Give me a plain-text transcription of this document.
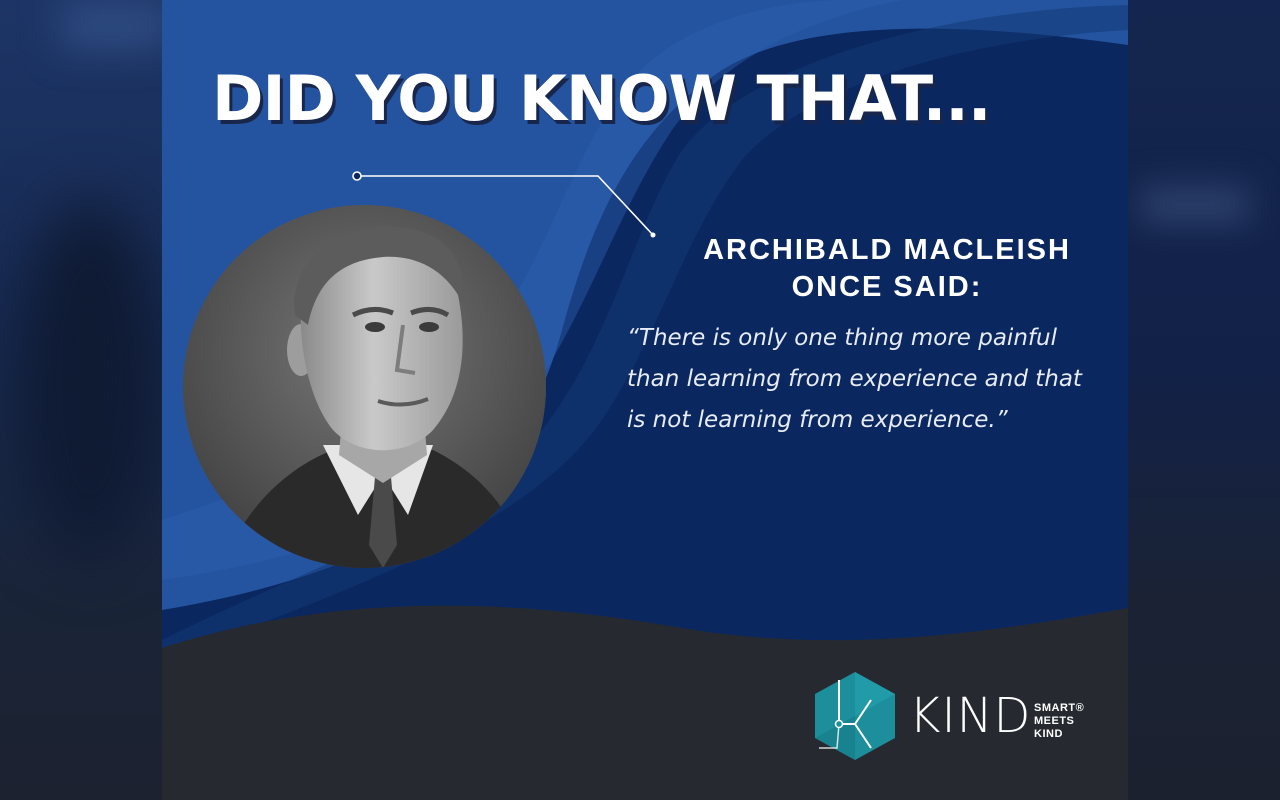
DID YOU KNOW THAT...

ARCHIBALD MACLEISH
ONCE SAID:

“There is only one thing more painful
than learning from experience and that
is not learning from experience.”

KIND SMART®
MEETS
KIND
